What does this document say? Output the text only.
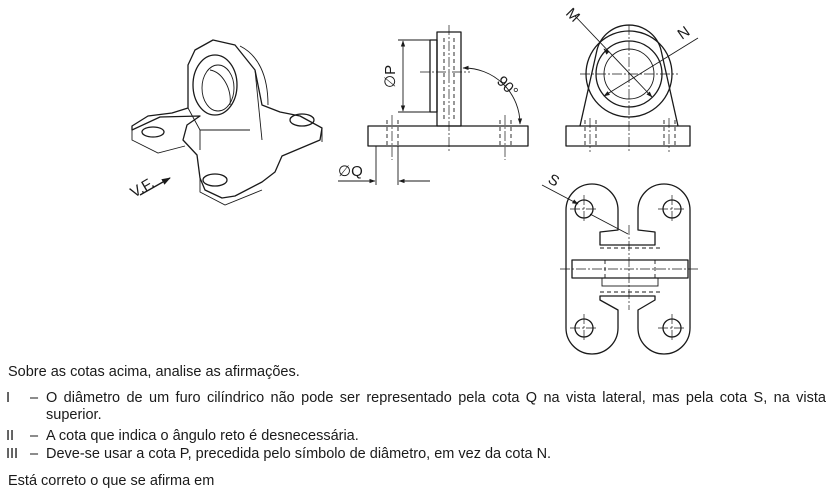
V.F.
∅P	90°
∅Q
M
N
S
Sobre as cotas acima, analise as afirmações.
I	– O diâmetro de um furo cilíndrico não pode ser representado pela cota Q na vista lateral, mas pela cota S, na vista superior.
II	– A cota que indica o ângulo reto é desnecessária.
III – Deve-se usar a cota P, precedida pelo símbolo de diâmetro, em vez da cota N.
Está correto o que se afirma em
